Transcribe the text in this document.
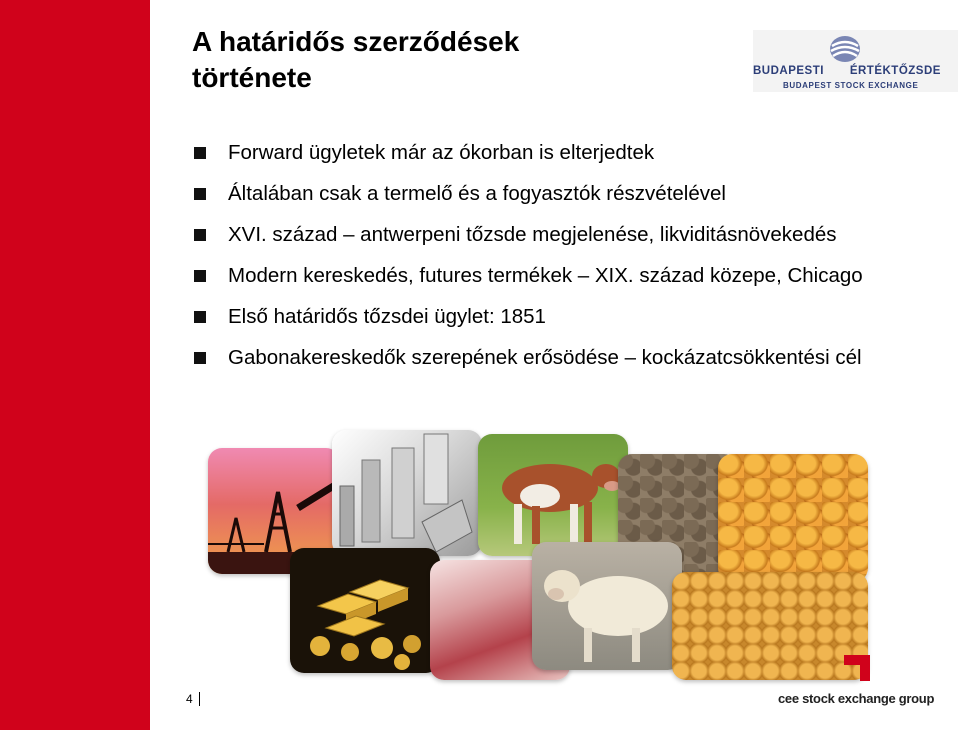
A határidős szerződések
története	BUDAPESTI       ÉRTÉKTŐZSDE
BUDAPEST STOCK EXCHANGE
Forward ügyletek már az ókorban is elterjedtek
Általában csak a termelő és a fogyasztók részvételével
XVI. század – antwerpeni tőzsde megjelenése, likviditásnövekedés
Modern kereskedés, futures termékek – XIX. század közepe, Chicago
Első határidős tőzsdei ügylet: 1851
Gabonakereskedők szerepének erősödése – kockázatcsökkentési cél
4	cee stock exchange group
